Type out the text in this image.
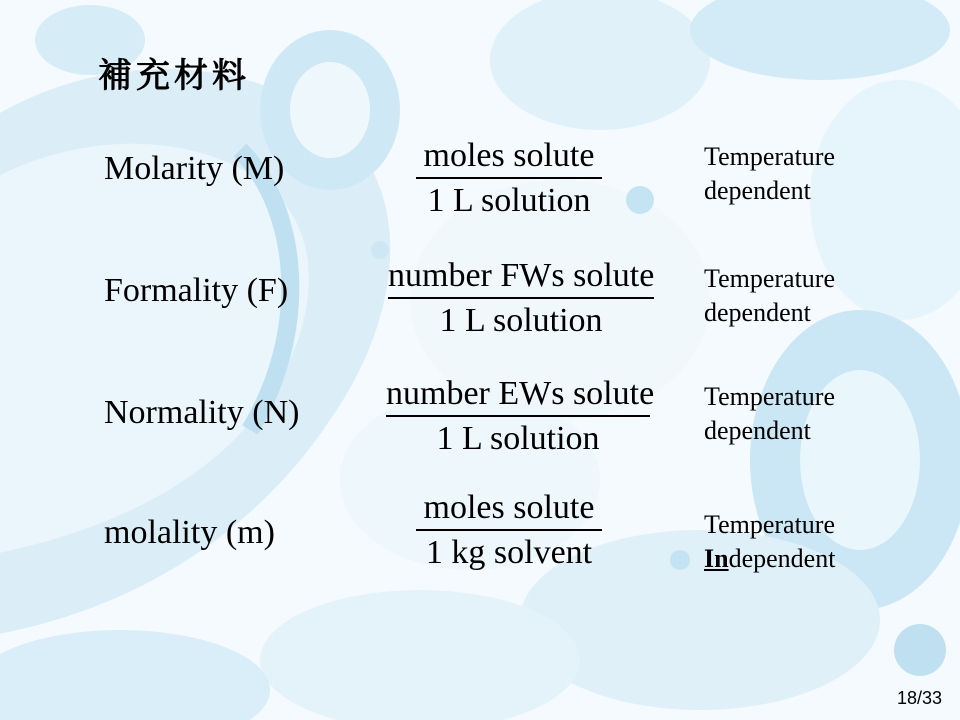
補充材料
Molarity (M)	moles solute
1 L solution
Temperature
dependent
Formality (F)	number FWs solute
1 L solution
Temperature
dependent
Normality (N)
number EWs solute
1 L solution
Temperature
dependent
molality (m)
moles solute
1 kg solvent
Temperature
Independent
18/33
